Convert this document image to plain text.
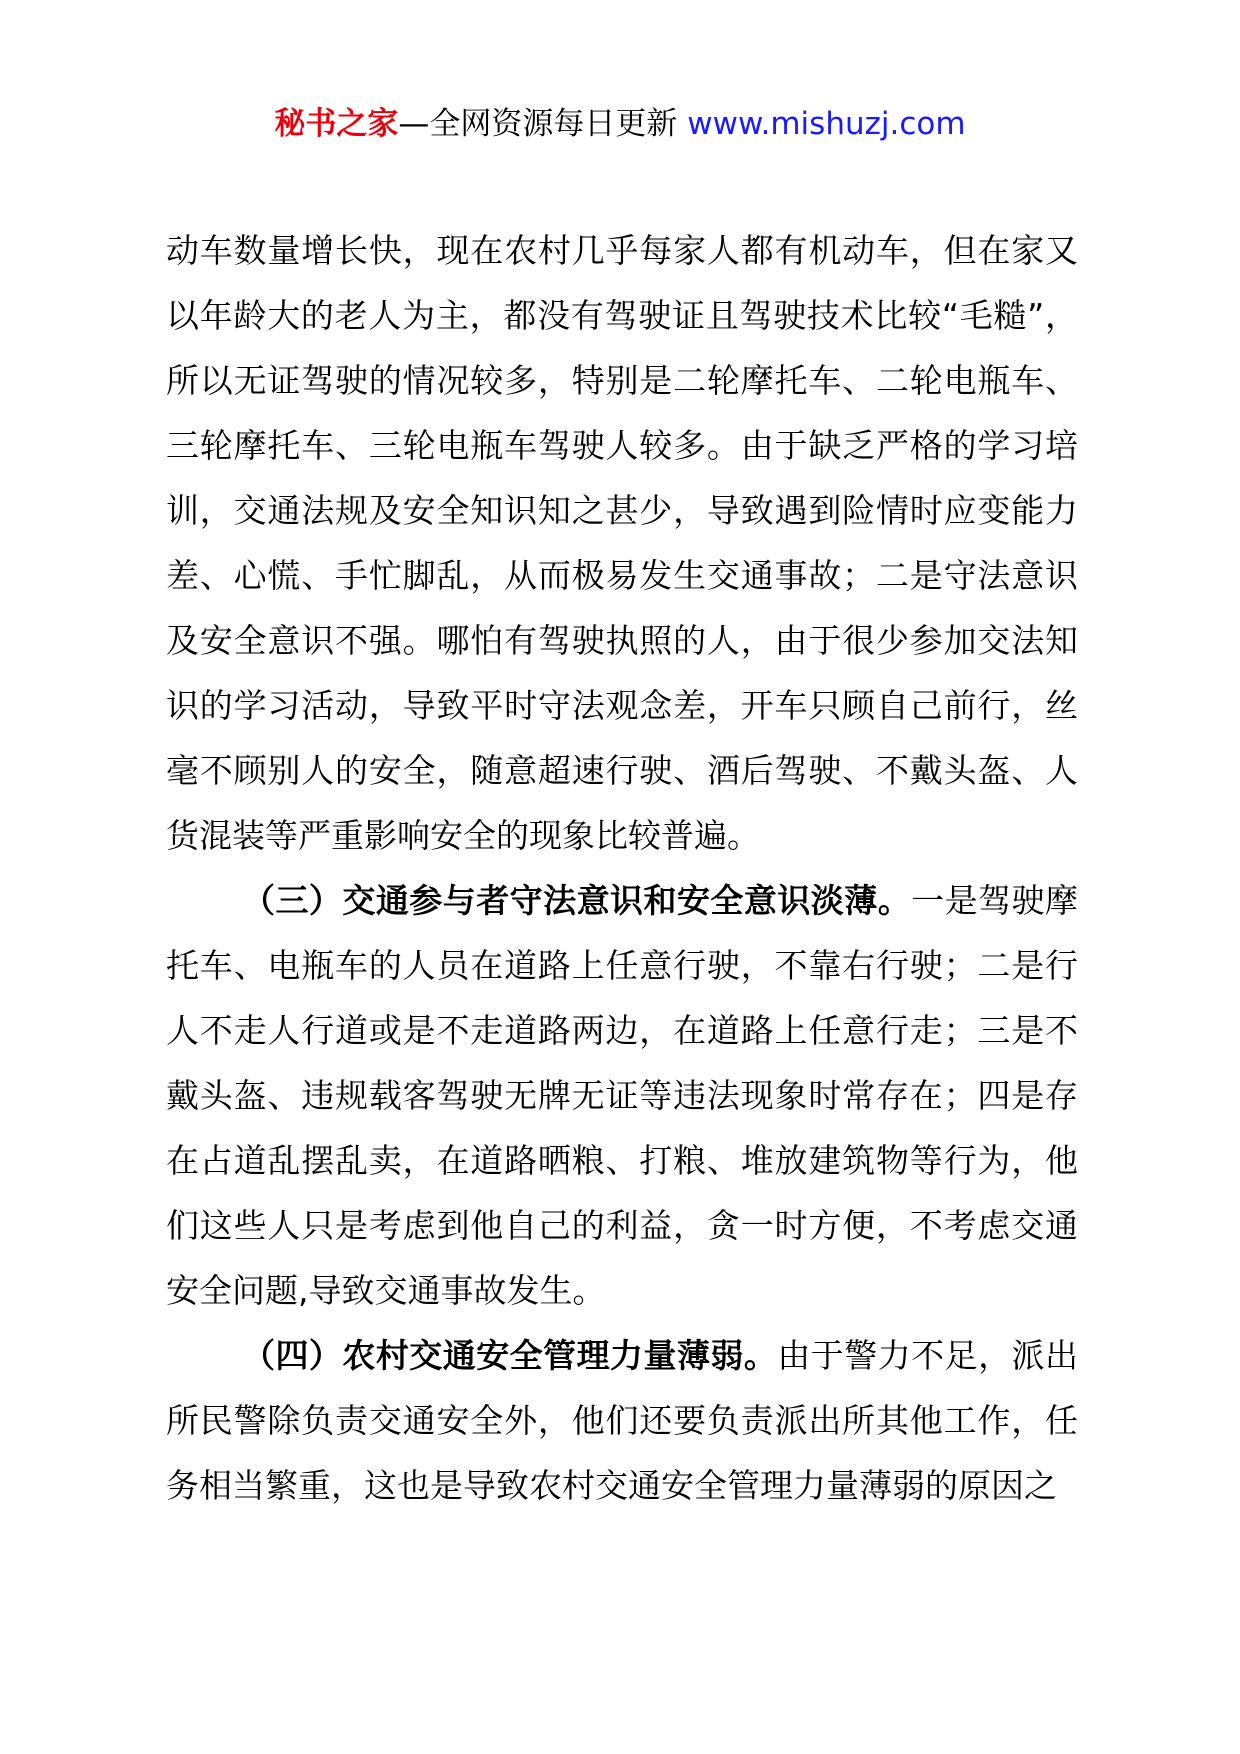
秘书之家—全网资源每日更新 www.mishuzj.com

动车数量增长快，现在农村几乎每家人都有机动车，但在家又以年龄大的老人为主，都没有驾驶证且驾驶技术比较“毛糙”，所以无证驾驶的情况较多，特别是二轮摩托车、二轮电瓶车、三轮摩托车、三轮电瓶车驾驶人较多。由于缺乏严格的学习培训，交通法规及安全知识知之甚少，导致遇到险情时应变能力差、心慌、手忙脚乱，从而极易发生交通事故；二是守法意识及安全意识不强。哪怕有驾驶执照的人，由于很少参加交法知识的学习活动，导致平时守法观念差，开车只顾自己前行，丝毫不顾别人的安全，随意超速行驶、酒后驾驶、不戴头盔、人货混装等严重影响安全的现象比较普遍。

（三）交通参与者守法意识和安全意识淡薄。一是驾驶摩托车、电瓶车的人员在道路上任意行驶，不靠右行驶；二是行人不走人行道或是不走道路两边，在道路上任意行走；三是不戴头盔、违规载客驾驶无牌无证等违法现象时常存在；四是存在占道乱摆乱卖，在道路晒粮、打粮、堆放建筑物等行为，他们这些人只是考虑到他自己的利益，贪一时方便，不考虑交通安全问题,导致交通事故发生。

（四）农村交通安全管理力量薄弱。由于警力不足，派出所民警除负责交通安全外，他们还要负责派出所其他工作，任务相当繁重，这也是导致农村交通安全管理力量薄弱的原因之
